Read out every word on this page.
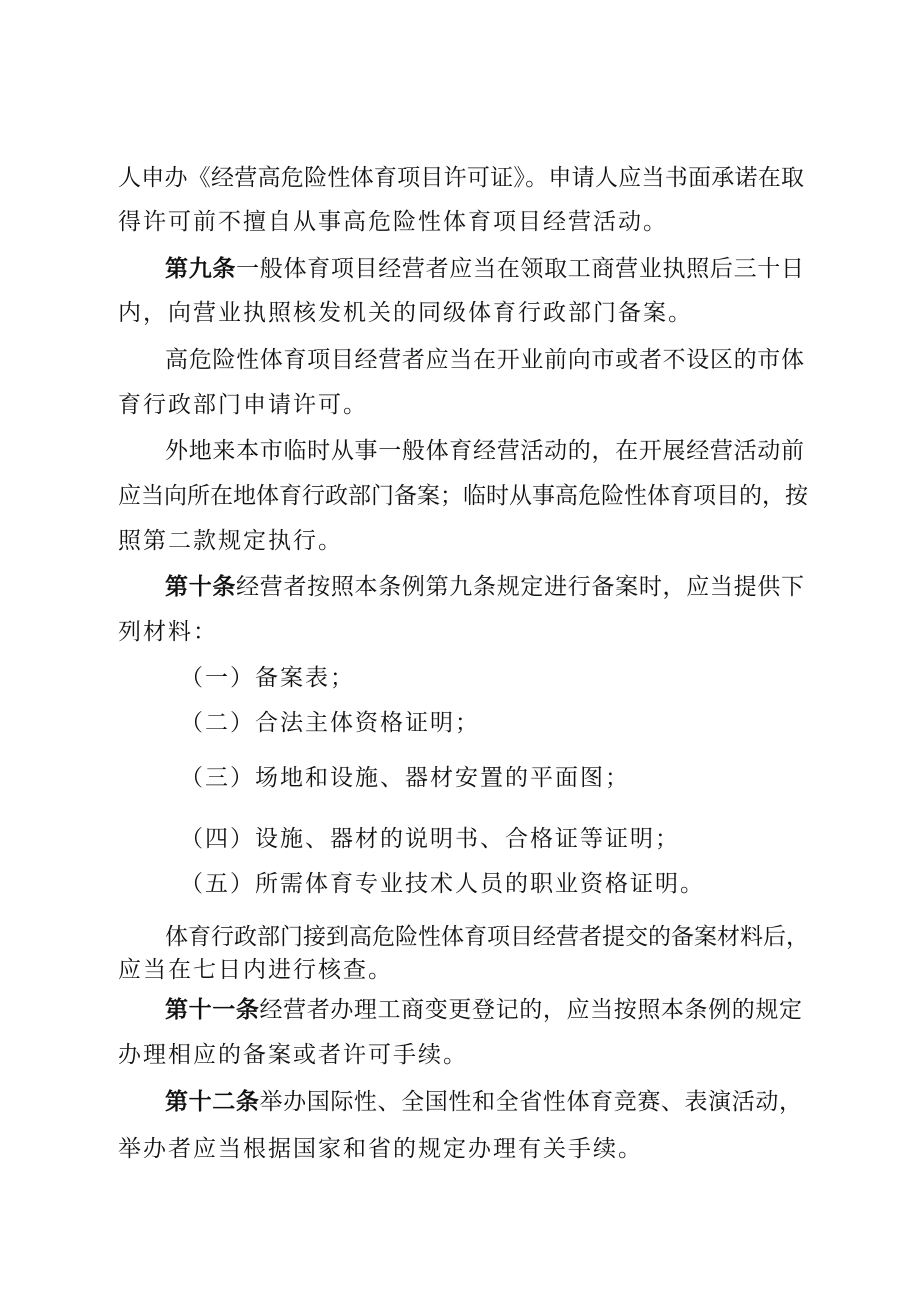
人申办《经营高危险性体育项目许可证》。申请人应当书面承诺在取
得许可前不擅自从事高危险性体育项目经营活动。
第九条一般体育项目经营者应当在领取工商营业执照后三十日
内，向营业执照核发机关的同级体育行政部门备案。
高危险性体育项目经营者应当在开业前向市或者不设区的市体
育行政部门申请许可。
外地来本市临时从事一般体育经营活动的，在开展经营活动前
应当向所在地体育行政部门备案；临时从事高危险性体育项目的，按
照第二款规定执行。
第十条经营者按照本条例第九条规定进行备案时，应当提供下
列材料：
（一）备案表；
（二）合法主体资格证明；
（三）场地和设施、器材安置的平面图；
（四）设施、器材的说明书、合格证等证明；
（五）所需体育专业技术人员的职业资格证明。
体育行政部门接到高危险性体育项目经营者提交的备案材料后，
应当在七日内进行核查。
第十一条经营者办理工商变更登记的，应当按照本条例的规定
办理相应的备案或者许可手续。
第十二条举办国际性、全国性和全省性体育竞赛、表演活动，
举办者应当根据国家和省的规定办理有关手续。
